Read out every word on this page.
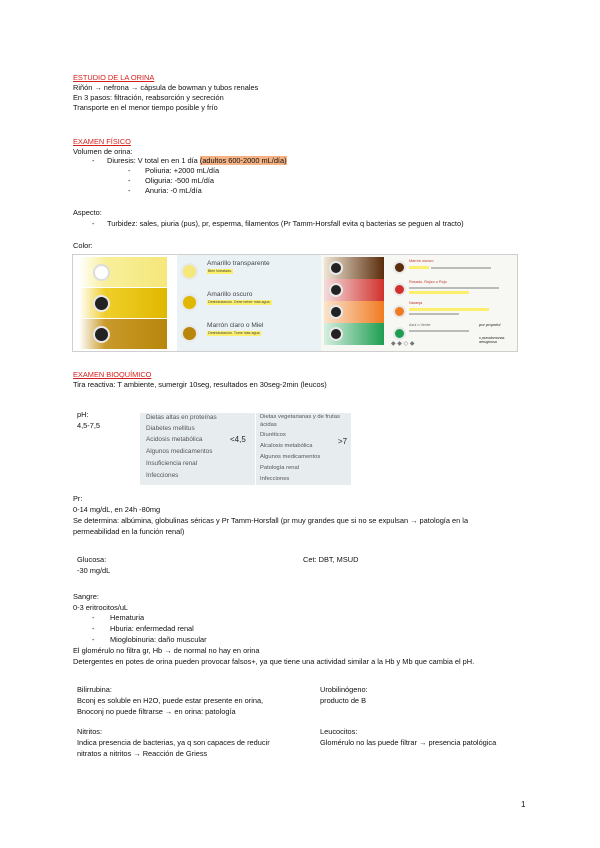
ESTUDIO DE LA ORINA
Riñón → nefrona → cápsula de bowman y tubos renales
En 3 pasos: filtración, reabsorción y secreción
Transporte en el menor tiempo posible y frío
EXAMEN FÍSICO
Volumen de orina:
- Diuresis: V total en en 1 día (adultos 600-2000 mL/día)
- Poliuria: +2000 mL/día
- Oliguria: -500 mL/día
- Anuria: -0 mL/día
Aspecto:
- Turbidez: sales, piuria (pus), pr, esperma, filamentos (Pr Tamm-Horsfall evita q bacterias se peguen al tracto)
Color:
Amarillo transparente
Bien hidratado.
Amarillo oscuro
Deshidratación. Debe beber más agua.
Marrón claro o Miel
Deshidratación. Tome más agua.
Marrón oscuro
Rosado, Rojizo o Rojo
Naranja
Azul o Verde	por propofol
x pseudomonas aeruginosa
◆ ◆ ◇ ◆
EXAMEN BIOQUÍMICO
Tira reactiva: T ambiente, sumergir 10seg, resultados en 30seg-2min (leucos)
pH:
4,5-7,5
Dietas altas en proteínas
Diabetes mellitus
Acidosis metabólica
Algunos medicamentos
Insuficiencia renal
Infecciones
<4,5
Dietas vegetarianas y de frutas ácidas
Diuréticos
Alcalosis metabólica
Algunos medicamentos
Patología renal
Infecciones
>7
Pr:
0-14 mg/dL, en 24h -80mg
Se determina: albúmina, globulinas séricas y Pr Tamm-Horsfall (pr muy grandes que si no se expulsan → patología en la
permeabilidad en la función renal)
Glucosa:
-30 mg/dL
Cet: DBT, MSUD
Sangre:
0-3 eritrocitos/uL
- Hematuria
- Hburia: enfermedad renal
- Mioglobinuria: daño muscular
El glomérulo no filtra gr, Hb → de normal no hay en orina
Detergentes en potes de orina pueden provocar falsos+, ya que tiene una actividad similar a la Hb y Mb que cambia el pH.
Bilirrubina:
Bconj es soluble en H2O, puede estar presente en orina,
Bnoconj no puede filtrarse → en orina: patología
Urobilinógeno:
producto de B
Nitritos:
Indica presencia de bacterias, ya q son capaces de reducir
nitratos a nitritos → Reacción de Griess
Leucocitos:
Glomérulo no las puede filtrar → presencia patológica
1
